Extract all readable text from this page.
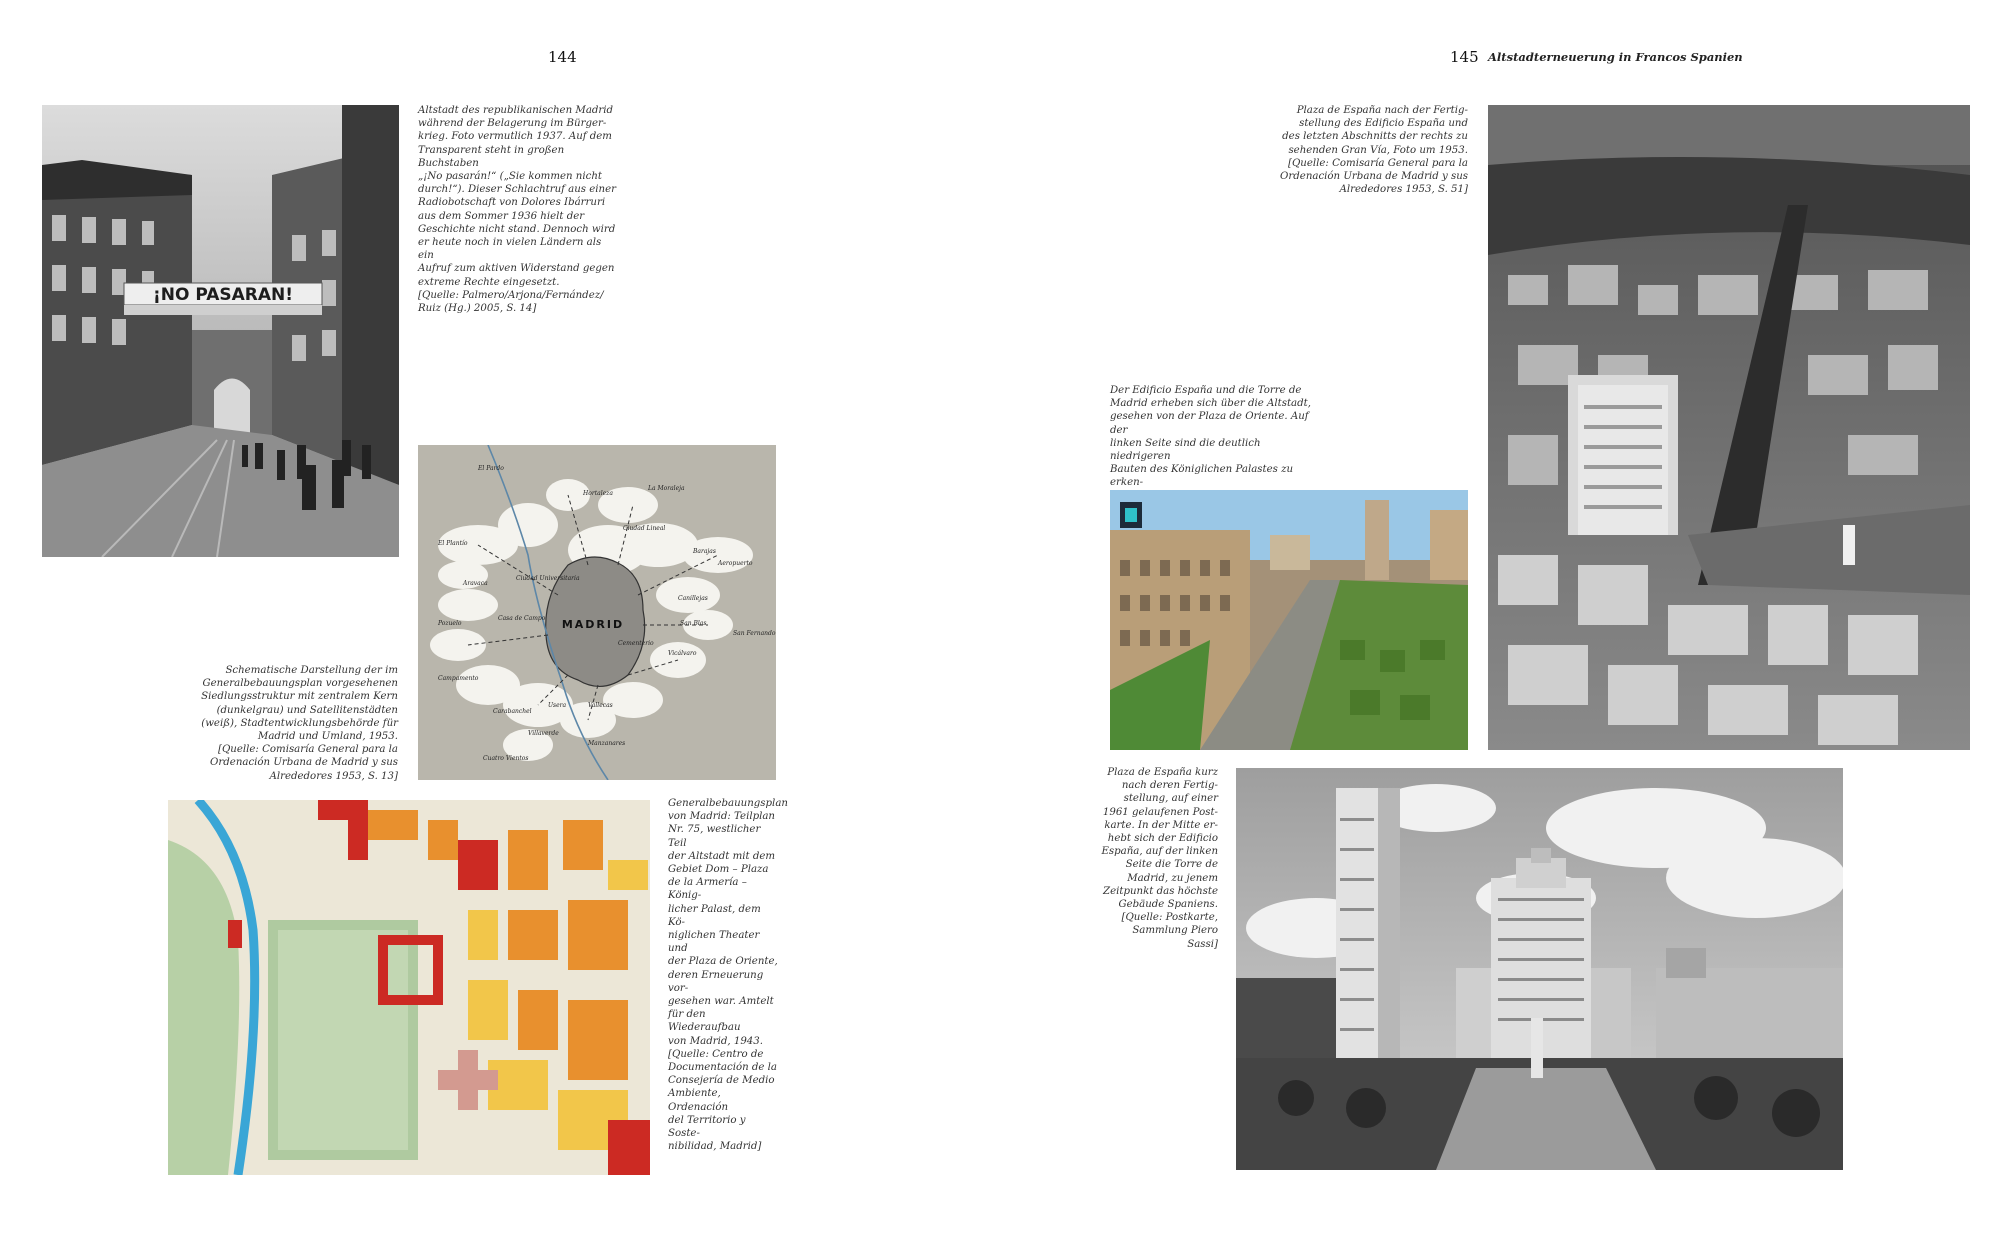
144	145 Altstadterneuerung in Francos Spanien
¡NO PASARAN!

Altstadt des republikanischen Madrid
während der Belagerung im Bürger-
krieg. Foto vermutlich 1937. Auf dem
Transparent steht in großen Buchstaben
„¡No pasarán!“ („Sie kommen nicht
durch!“). Dieser Schlachtruf aus einer
Radiobotschaft von Dolores Ibárruri
aus dem Sommer 1936 hielt der
Geschichte nicht stand. Dennoch wird
er heute noch in vielen Ländern als ein
Aufruf zum aktiven Widerstand gegen
extreme Rechte eingesetzt.
[Quelle: Palmero/Arjona/Fernández/
Ruiz (Hg.) 2005, S. 14]

MADRID
El Pardo
La Moraleja
Hortaleza
Ciudad Lineal
Barajas
Aeropuerto
El Plantío
Aravaca
Ciudad Universitaria
Casa de Campo
Canillejas
San Blas
Vicálvaro
San Fernando
Pozuelo
Campamento
Carabanchel
Usera
Villaverde
Vallecas
Cementerio
Cuatro Vientos
Manzanares

Schematische Darstellung der im
Generalbebauungsplan vorgesehenen
Siedlungsstruktur mit zentralem Kern
(dunkelgrau) und Satellitenstädten
(weiß), Stadtentwicklungsbehörde für
Madrid und Umland, 1953.
[Quelle: Comisaría General para la
Ordenación Urbana de Madrid y sus
Alrededores 1953, S. 13]

Generalbebauungsplan
von Madrid: Teilplan
Nr. 75, westlicher Teil
der Altstadt mit dem
Gebiet Dom – Plaza
de la Armería – König-
licher Palast, dem Kö-
niglichen Theater und
der Plaza de Oriente,
deren Erneuerung vor-
gesehen war. Amtelt
für den Wiederaufbau
von Madrid, 1943.
[Quelle: Centro de
Documentación de la
Consejería de Medio
Ambiente, Ordenación
del Territorio y Soste-
nibilidad, Madrid]

Plaza de España nach der Fertig-
stellung des Edificio España und
des letzten Abschnitts der rechts zu
sehenden Gran Vía, Foto um 1953.
[Quelle: Comisaría General para la
Ordenación Urbana de Madrid y sus
Alrededores 1953, S. 51]

Der Edificio España und die Torre de
Madrid erheben sich über die Altstadt,
gesehen von der Plaza de Oriente. Auf der
linken Seite sind die deutlich niedrigeren
Bauten des Königlichen Palastes zu erken-

Plaza de España kurz
nach deren Fertig-
stellung, auf einer
1961 gelaufenen Post-
karte. In der Mitte er-
hebt sich der Edificio
España, auf der linken
Seite die Torre de
Madrid, zu jenem
Zeitpunkt das höchste
Gebäude Spaniens.
[Quelle: Postkarte,
Sammlung Piero Sassi]
